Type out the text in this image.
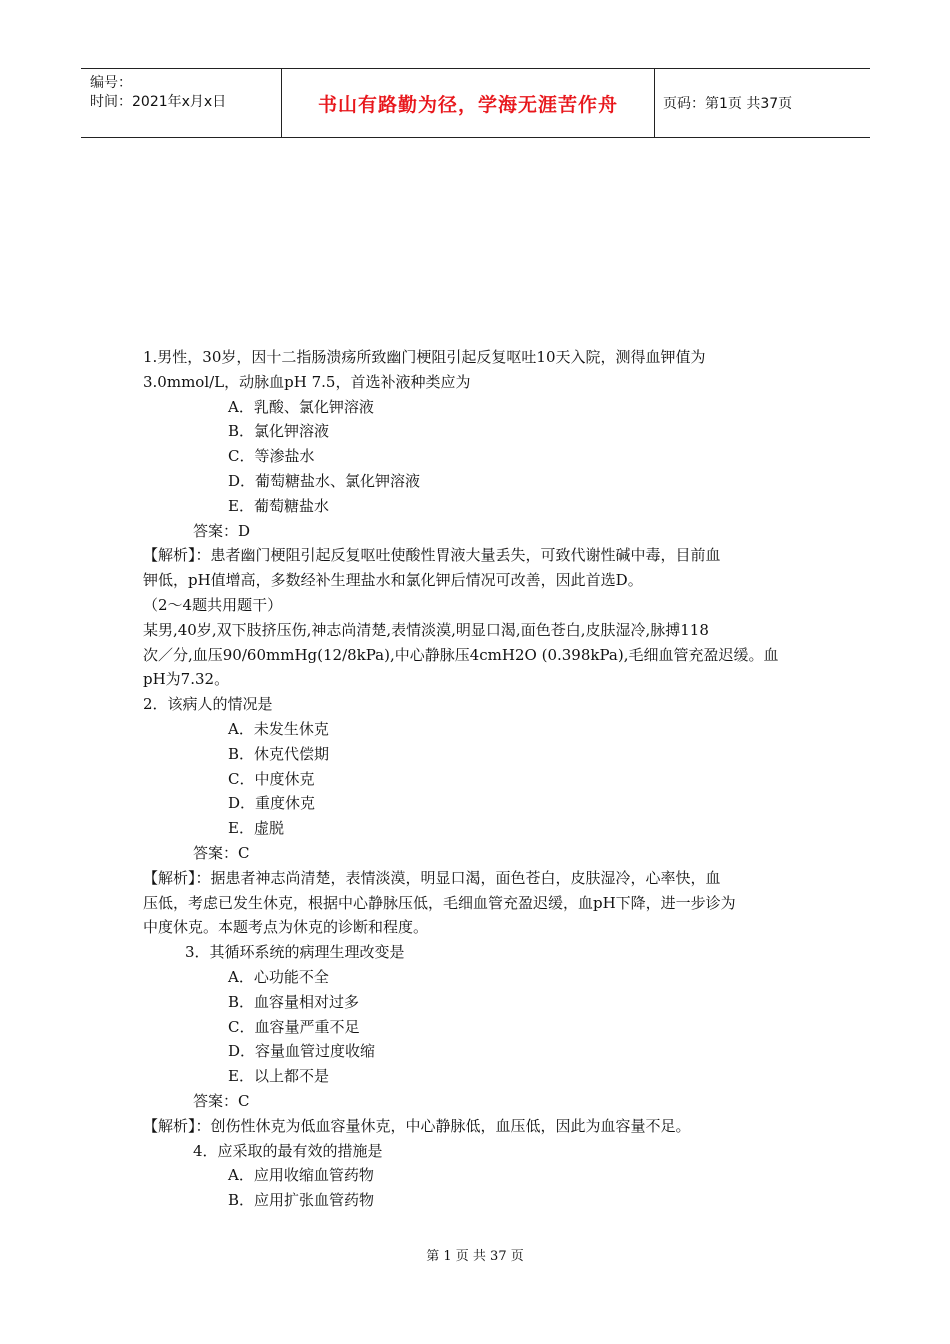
编号：
时间：2021年x月x日	书山有路勤为径，学海无涯苦作舟	页码：第1页 共37页
1.男性，30岁，因十二指肠溃疡所致幽门梗阻引起反复呕吐10天入院，测得血钾值为
3.0mmol/L，动脉血pH 7.5，首选补液种类应为
A．乳酸、氯化钾溶液
B．氯化钾溶液
C．等渗盐水
D．葡萄糖盐水、氯化钾溶液
E．葡萄糖盐水
答案：D
【解析】：患者幽门梗阻引起反复呕吐使酸性胃液大量丢失，可致代谢性碱中毒，目前血
钾低，pH值增高，多数经补生理盐水和氯化钾后情况可改善，因此首选D。
（2～4题共用题干）
某男,40岁,双下肢挤压伤,神志尚清楚,表情淡漠,明显口渴,面色苍白,皮肤湿冷,脉搏118
次／分,血压90/60mmHg(12/8kPa),中心静脉压4cmH2O (0.398kPa),毛细血管充盈迟缓。血
pH为7.32。
2．该病人的情况是
A．未发生休克
B．休克代偿期
C．中度休克
D．重度休克
E．虚脱
答案：C
【解析】：据患者神志尚清楚，表情淡漠，明显口渴，面色苍白，皮肤湿冷，心率快，血
压低，考虑已发生休克，根据中心静脉压低，毛细血管充盈迟缓，血pH下降，进一步诊为
中度休克。本题考点为休克的诊断和程度。
3．其循环系统的病理生理改变是
A．心功能不全
B．血容量相对过多
C．血容量严重不足
D．容量血管过度收缩
E．以上都不是
答案：C
【解析】：创伤性休克为低血容量休克，中心静脉低，血压低，因此为血容量不足。
4．应采取的最有效的措施是
A．应用收缩血管药物
B．应用扩张血管药物
第 1 页 共 37 页
